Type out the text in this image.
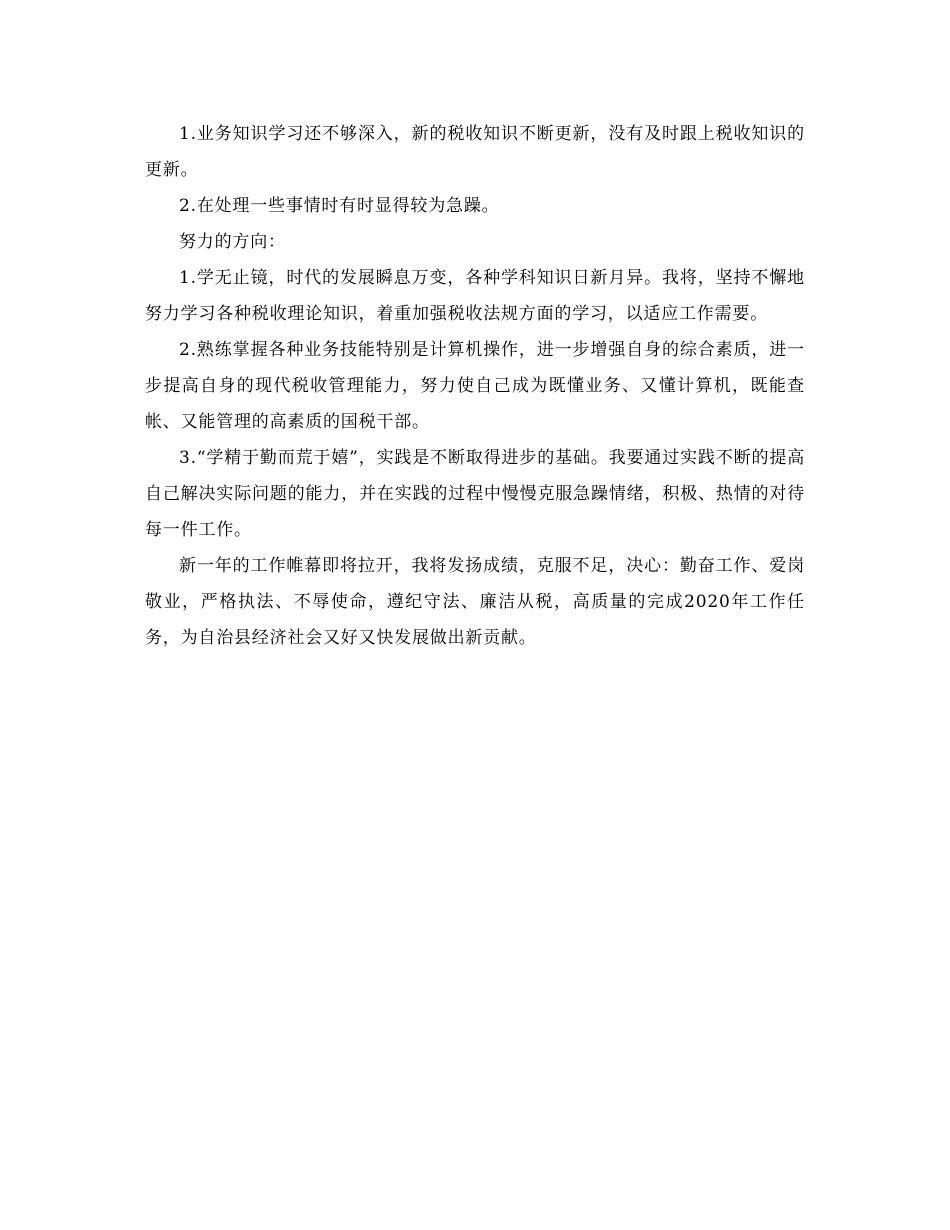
1.业务知识学习还不够深入，新的税收知识不断更新，没有及时跟上税收知识的更新。

2.在处理一些事情时有时显得较为急躁。

努力的方向：

1.学无止镜，时代的发展瞬息万变，各种学科知识日新月异。我将，坚持不懈地努力学习各种税收理论知识，着重加强税收法规方面的学习，以适应工作需要。

2.熟练掌握各种业务技能特别是计算机操作，进一步增强自身的综合素质，进一步提高自身的现代税收管理能力，努力使自己成为既懂业务、又懂计算机，既能查帐、又能管理的高素质的国税干部。

3.“学精于勤而荒于嬉”，实践是不断取得进步的基础。我要通过实践不断的提高自己解决实际问题的能力，并在实践的过程中慢慢克服急躁情绪，积极、热情的对待每一件工作。

新一年的工作帷幕即将拉开，我将发扬成绩，克服不足，决心：勤奋工作、爱岗敬业，严格执法、不辱使命，遵纪守法、廉洁从税，高质量的完成2020年工作任务，为自治县经济社会又好又快发展做出新贡献。
